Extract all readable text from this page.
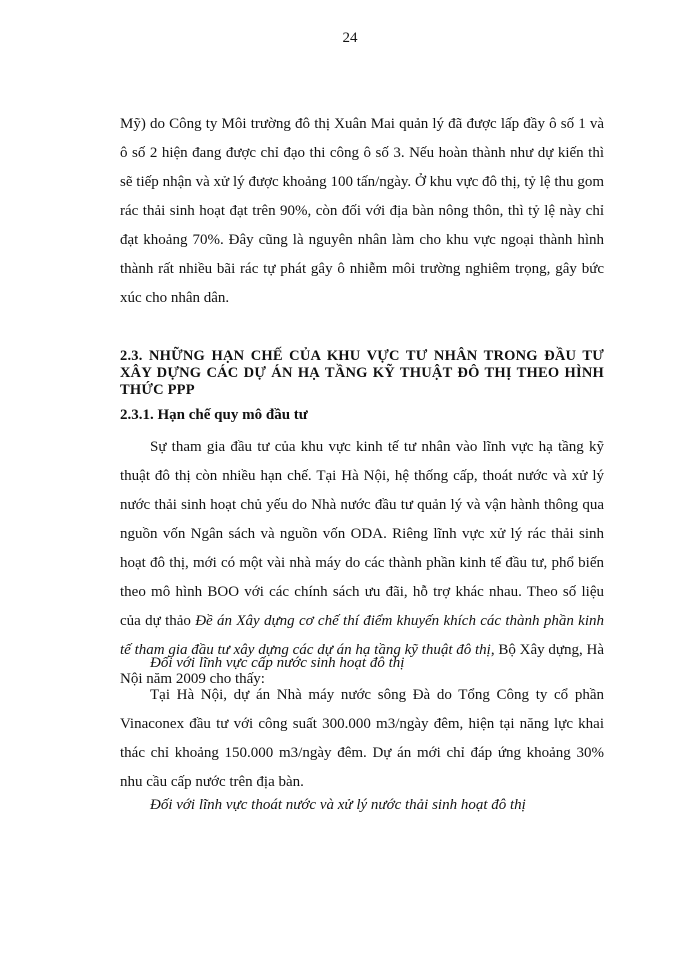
24

Mỹ) do Công ty Môi trường đô thị Xuân Mai quản lý đã được lấp đầy ô số 1 và ô số 2 hiện đang được chỉ đạo thi công ô số 3. Nếu hoàn thành như dự kiến thì sẽ tiếp nhận và xử lý được khoảng 100 tấn/ngày. Ở khu vực đô thị, tỷ lệ thu gom rác thải sinh hoạt đạt trên 90%, còn đối với địa bàn nông thôn, thì tỷ lệ này chỉ đạt khoảng 70%. Đây cũng là nguyên nhân làm cho khu vực ngoại thành hình thành rất nhiều bãi rác tự phát gây ô nhiễm môi trường nghiêm trọng, gây bức xúc cho nhân dân.

2.3. NHỮNG HẠN CHẾ CỦA KHU VỰC TƯ NHÂN TRONG ĐẦU TƯ XÂY DỰNG CÁC DỰ ÁN HẠ TẦNG KỸ THUẬT ĐÔ THỊ THEO HÌNH THỨC PPP
2.3.1. Hạn chế quy mô đầu tư

Sự tham gia đầu tư của khu vực kinh tế tư nhân vào lĩnh vực hạ tầng kỹ thuật đô thị còn nhiều hạn chế. Tại Hà Nội, hệ thống cấp, thoát nước và xử lý nước thải sinh hoạt chủ yếu do Nhà nước đầu tư quản lý và vận hành thông qua nguồn vốn Ngân sách và nguồn vốn ODA. Riêng lĩnh vực xử lý rác thải sinh hoạt đô thị, mới có một vài nhà máy do các thành phần kinh tế đầu tư, phổ biến theo mô hình BOO với các chính sách ưu đãi, hỗ trợ khác nhau. Theo số liệu của dự thảo Đề án Xây dựng cơ chế thí điểm khuyến khích các thành phần kinh tế tham gia đầu tư xây dựng các dự án hạ tầng kỹ thuật đô thị, Bộ Xây dựng, Hà Nội năm 2009 cho thấy:

Đối với lĩnh vực cấp nước sinh hoạt đô thị

Tại Hà Nội, dự án Nhà máy nước sông Đà do Tổng Công ty cổ phần Vinaconex đầu tư với công suất 300.000 m3/ngày đêm, hiện tại năng lực khai thác chỉ khoảng 150.000 m3/ngày đêm. Dự án mới chỉ đáp ứng khoảng 30% nhu cầu cấp nước trên địa bàn.

Đối với lĩnh vực thoát nước và xử lý nước thải sinh hoạt đô thị
